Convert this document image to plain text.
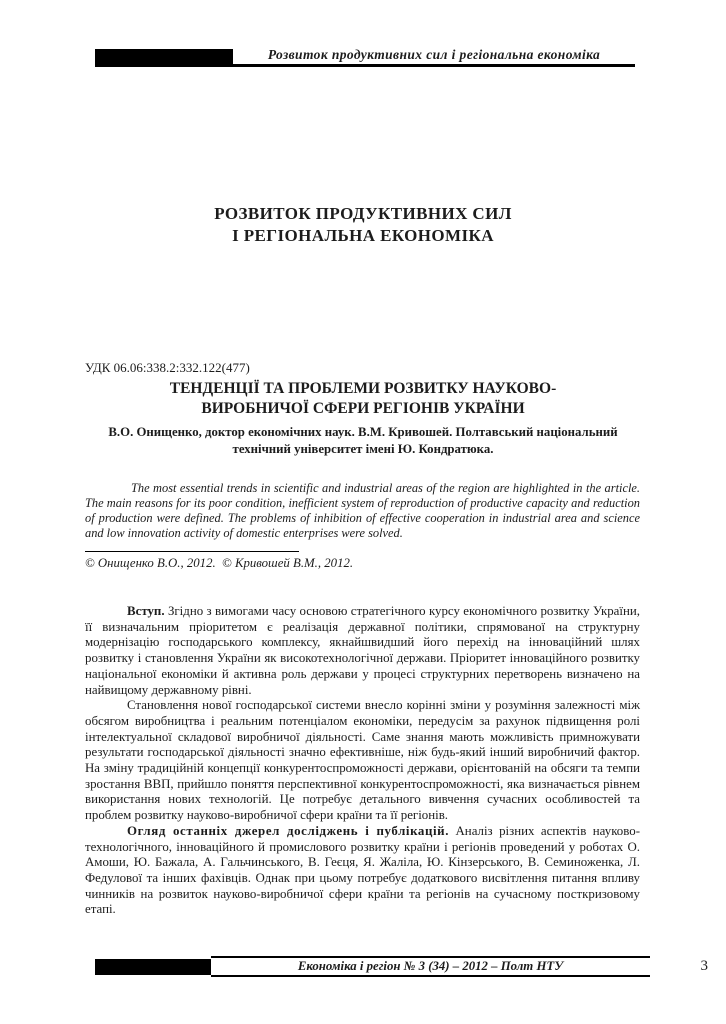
Розвиток продуктивних сил і регіональна економіка
РОЗВИТОК ПРОДУКТИВНИХ СИЛ
І РЕГІОНАЛЬНА ЕКОНОМІКА
УДК 06.06:338.2:332.122(477)
ТЕНДЕНЦІЇ ТА ПРОБЛЕМИ РОЗВИТКУ НАУКОВО-
ВИРОБНИЧОЇ СФЕРИ РЕГІОНІВ УКРАЇНИ
В.О. Онищенко, доктор економічних наук. В.М. Кривошей. Полтавський національний
технічний університет імені Ю. Кондратюка.
The most essential trends in scientific and industrial areas of the region are highlighted in the article. The main reasons for its poor condition, inefficient system of reproduction of productive capacity and reduction of production were defined. The problems of inhibition of effective cooperation in industrial area and science and low innovation activity of domestic enterprises were solved.
© Онищенко В.О., 2012.  © Кривошей В.М., 2012.

Вступ. Згідно з вимогами часу основою стратегічного курсу економічного розвитку України, її визначальним пріоритетом є реалізація державної політики, спрямованої на структурну модернізацію господарського комплексу, якнайшвидший його перехід на інноваційний шлях розвитку і становлення України як високотехнологічної держави. Пріоритет інноваційного розвитку національної економіки й активна роль держави у процесі структурних перетворень визначено на найвищому державному рівні.

Становлення нової господарської системи внесло корінні зміни у розуміння залежності між обсягом виробництва і реальним потенціалом економіки, передусім за рахунок підвищення ролі інтелектуальної складової виробничої діяльності. Саме знання мають можливість примножувати результати господарської діяльності значно ефективніше, ніж будь-який інший виробничий фактор. На зміну традиційній концепції конкурентоспроможності держави, орієнтованій на обсяги та темпи зростання ВВП, прийшло поняття перспективної конкурентоспроможності, яка визначається рівнем використання нових технологій. Це потребує детального вивчення сучасних особливостей та проблем розвитку науково-виробничої сфери країни та її регіонів.

Огляд останніх джерел досліджень і публікацій. Аналіз різних аспектів науково-технологічного, інноваційного й промислового розвитку країни і регіонів проведений у роботах О. Амоши, Ю. Бажала, А. Гальчинського, В. Геєця, Я. Жаліла, Ю. Кінзерського, В. Семиноженка, Л. Федулової та інших фахівців. Однак при цьому потребує додаткового висвітлення питання впливу чинників на розвиток науково-виробничої сфери країни та регіонів на сучасному посткризовому етапі.

Економіка і регіон № 3 (34) – 2012 – Полт НТУ	3
